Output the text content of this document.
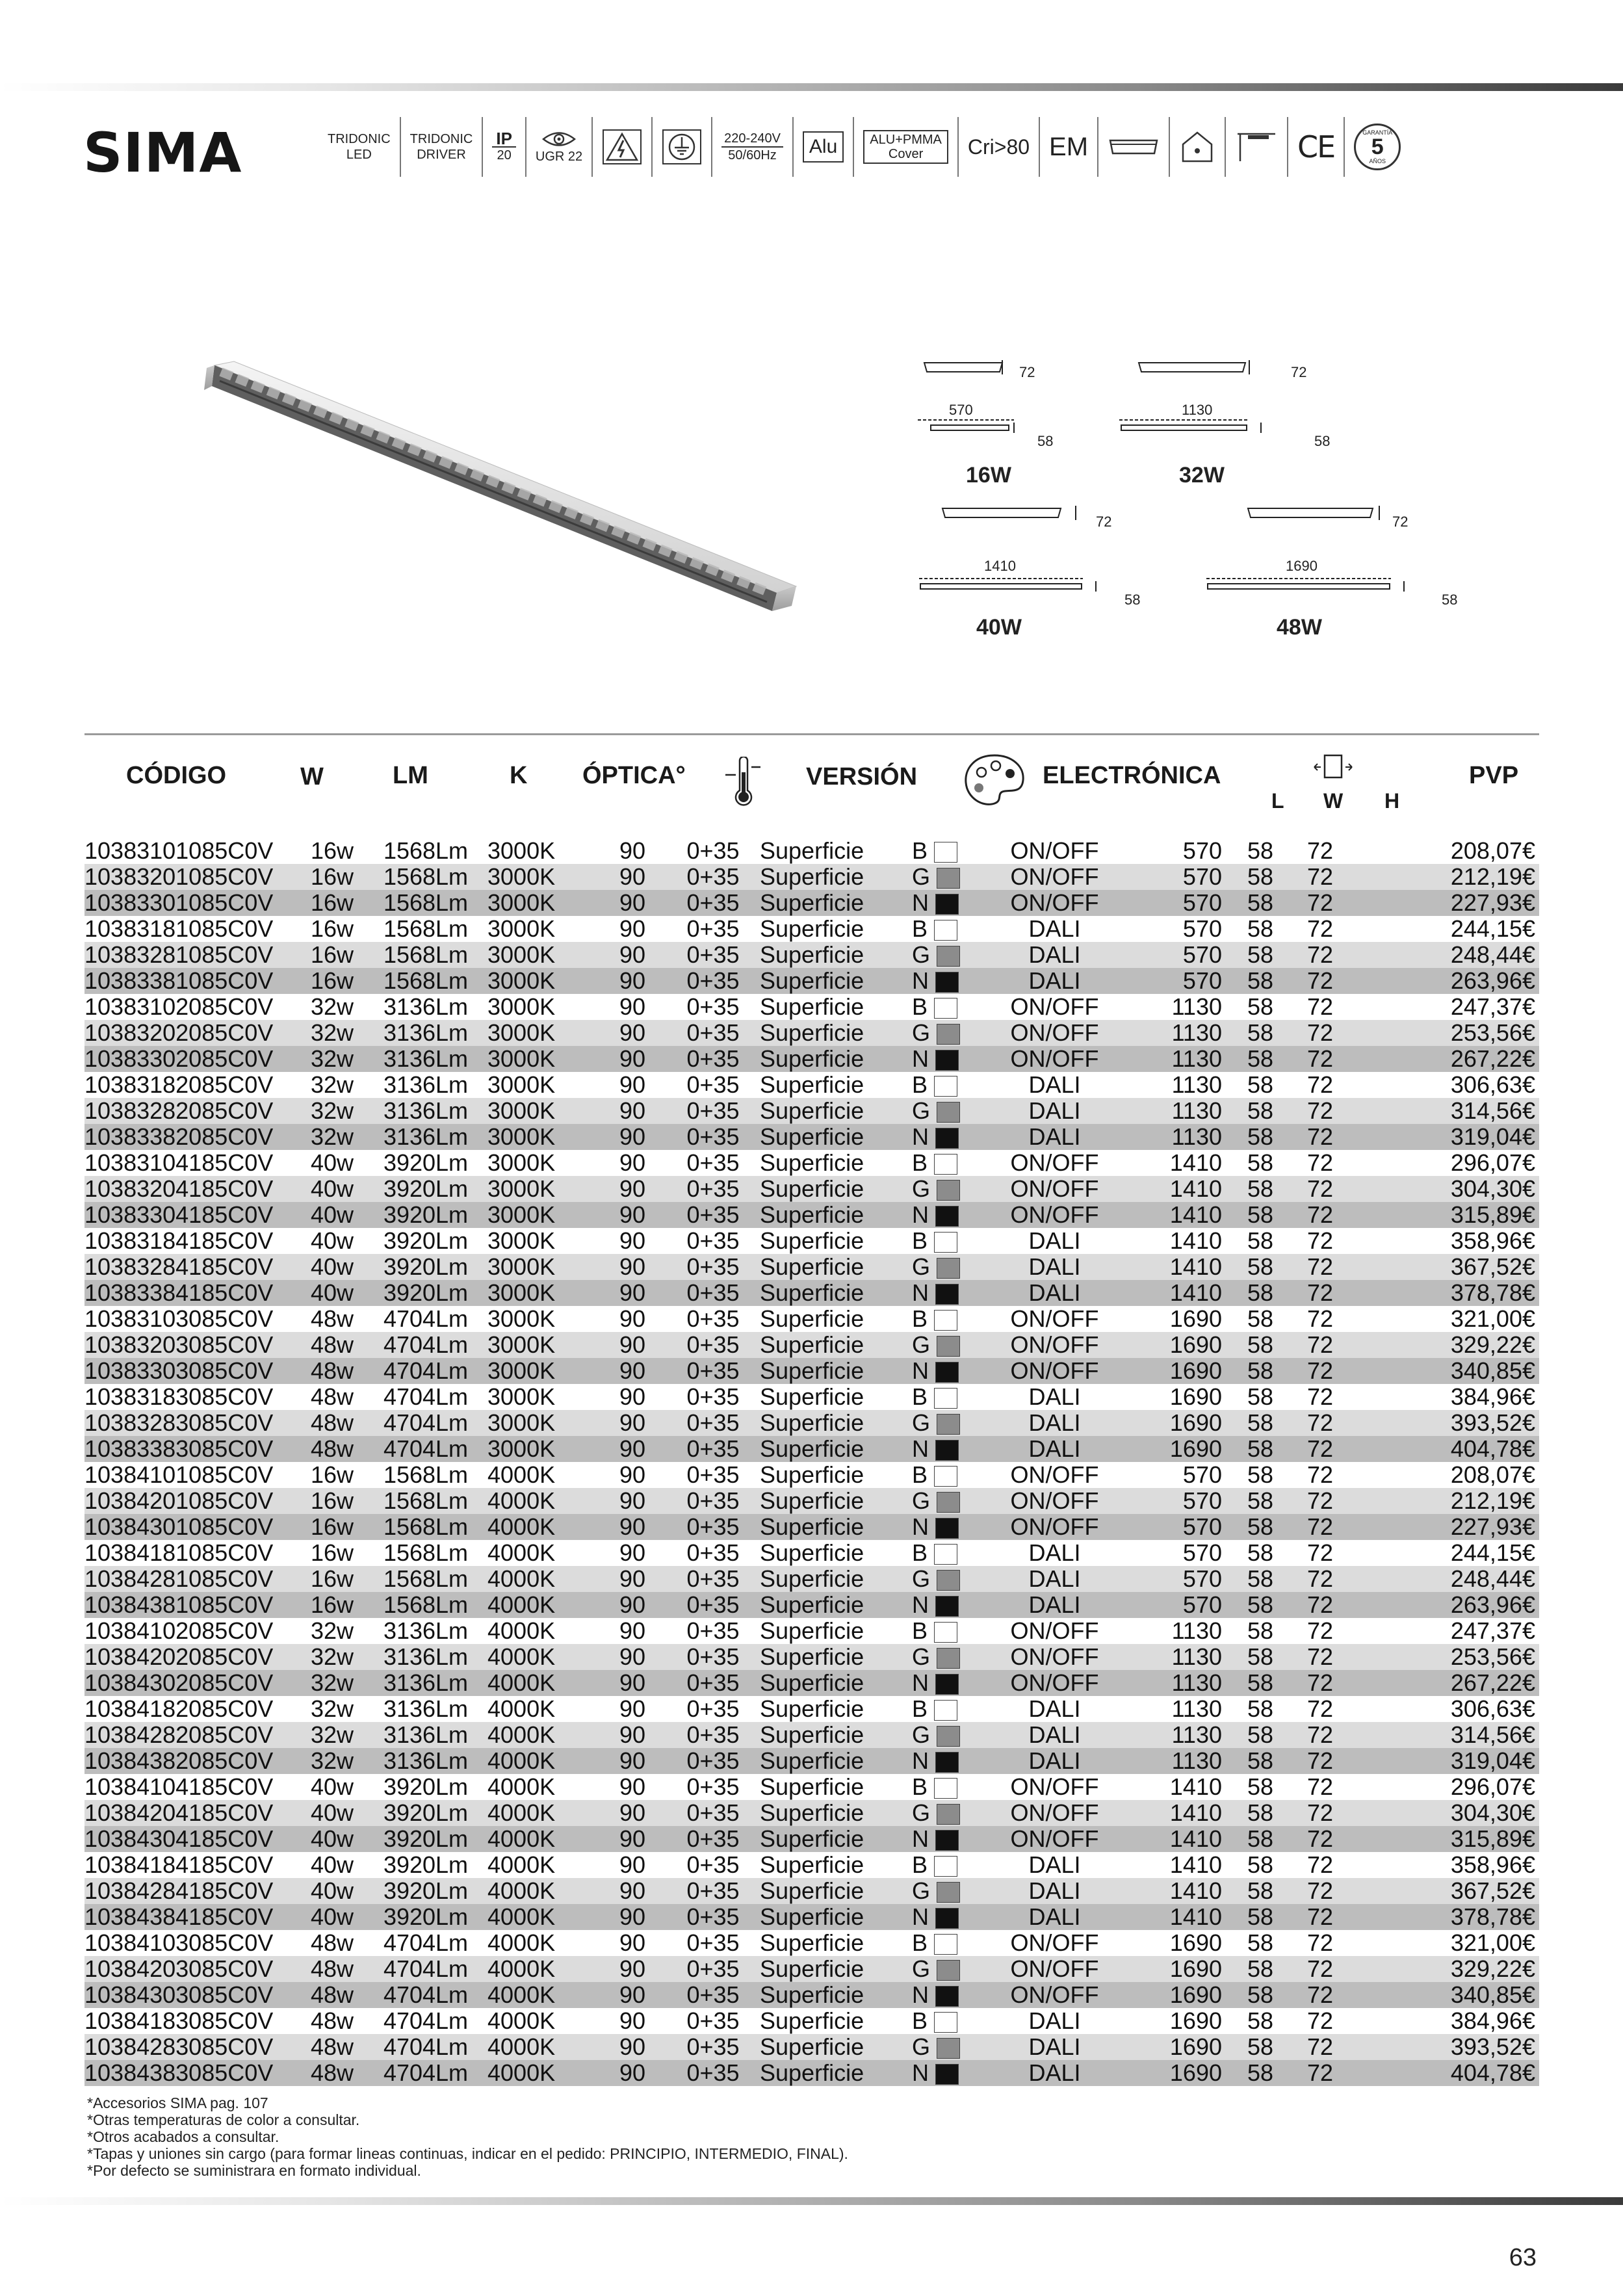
SIMA	TRIDONIC
LED
TRIDONIC
DRIVER
IP
20 UGR 22
220-240V
50/60Hz	Alu	ALU+PMMA
Cover	Cri>80 EM	CE	GARANTÍA
5
AÑOS
72
570
58
16W
72
1130
58
32W
72
1410
58
40W
72
1690
58
48W
CÓDIGO	W	LM	K ÓPTICA°	VERSIÓN	ELECTRÓNICA
L W H
PVP
10383101085C0V	16w	1568Lm	3000K	90	0+35	Superficie	B	ON/OFF	570	58	72	208,07€
10383201085C0V	16w	1568Lm	3000K	90	0+35	Superficie	G	ON/OFF	570	58	72	212,19€
10383301085C0V	16w	1568Lm	3000K	90	0+35	Superficie	N	ON/OFF	570	58	72	227,93€
10383181085C0V	16w	1568Lm	3000K	90	0+35	Superficie	B	DALI	570	58	72	244,15€
10383281085C0V	16w	1568Lm	3000K	90	0+35	Superficie	G	DALI	570	58	72	248,44€
10383381085C0V	16w	1568Lm	3000K	90	0+35	Superficie	N	DALI	570	58	72	263,96€
10383102085C0V	32w	3136Lm	3000K	90	0+35	Superficie	B	ON/OFF	1130	58	72	247,37€
10383202085C0V	32w	3136Lm	3000K	90	0+35	Superficie	G	ON/OFF	1130	58	72	253,56€
10383302085C0V	32w	3136Lm	3000K	90	0+35	Superficie	N	ON/OFF	1130	58	72	267,22€
10383182085C0V	32w	3136Lm	3000K	90	0+35	Superficie	B	DALI	1130	58	72	306,63€
10383282085C0V	32w	3136Lm	3000K	90	0+35	Superficie	G	DALI	1130	58	72	314,56€
10383382085C0V	32w	3136Lm	3000K	90	0+35	Superficie	N	DALI	1130	58	72	319,04€
10383104185C0V	40w	3920Lm	3000K	90	0+35	Superficie	B	ON/OFF	1410	58	72	296,07€
10383204185C0V	40w	3920Lm	3000K	90	0+35	Superficie	G	ON/OFF	1410	58	72	304,30€
10383304185C0V	40w	3920Lm	3000K	90	0+35	Superficie	N	ON/OFF	1410	58	72	315,89€
10383184185C0V	40w	3920Lm	3000K	90	0+35	Superficie	B	DALI	1410	58	72	358,96€
10383284185C0V	40w	3920Lm	3000K	90	0+35	Superficie	G	DALI	1410	58	72	367,52€
10383384185C0V	40w	3920Lm	3000K	90	0+35	Superficie	N	DALI	1410	58	72	378,78€
10383103085C0V	48w	4704Lm	3000K	90	0+35	Superficie	B	ON/OFF	1690	58	72	321,00€
10383203085C0V	48w	4704Lm	3000K	90	0+35	Superficie	G	ON/OFF	1690	58	72	329,22€
10383303085C0V	48w	4704Lm	3000K	90	0+35	Superficie	N	ON/OFF	1690	58	72	340,85€
10383183085C0V	48w	4704Lm	3000K	90	0+35	Superficie	B	DALI	1690	58	72	384,96€
10383283085C0V	48w	4704Lm	3000K	90	0+35	Superficie	G	DALI	1690	58	72	393,52€
10383383085C0V	48w	4704Lm	3000K	90	0+35	Superficie	N	DALI	1690	58	72	404,78€
10384101085C0V	16w	1568Lm	4000K	90	0+35	Superficie	B	ON/OFF	570	58	72	208,07€
10384201085C0V	16w	1568Lm	4000K	90	0+35	Superficie	G	ON/OFF	570	58	72	212,19€
10384301085C0V	16w	1568Lm	4000K	90	0+35	Superficie	N	ON/OFF	570	58	72	227,93€
10384181085C0V	16w	1568Lm	4000K	90	0+35	Superficie	B	DALI	570	58	72	244,15€
10384281085C0V	16w	1568Lm	4000K	90	0+35	Superficie	G	DALI	570	58	72	248,44€
10384381085C0V	16w	1568Lm	4000K	90	0+35	Superficie	N	DALI	570	58	72	263,96€
10384102085C0V	32w	3136Lm	4000K	90	0+35	Superficie	B	ON/OFF	1130	58	72	247,37€
10384202085C0V	32w	3136Lm	4000K	90	0+35	Superficie	G	ON/OFF	1130	58	72	253,56€
10384302085C0V	32w	3136Lm	4000K	90	0+35	Superficie	N	ON/OFF	1130	58	72	267,22€
10384182085C0V	32w	3136Lm	4000K	90	0+35	Superficie	B	DALI	1130	58	72	306,63€
10384282085C0V	32w	3136Lm	4000K	90	0+35	Superficie	G	DALI	1130	58	72	314,56€
10384382085C0V	32w	3136Lm	4000K	90	0+35	Superficie	N	DALI	1130	58	72	319,04€
10384104185C0V	40w	3920Lm	4000K	90	0+35	Superficie	B	ON/OFF	1410	58	72	296,07€
10384204185C0V	40w	3920Lm	4000K	90	0+35	Superficie	G	ON/OFF	1410	58	72	304,30€
10384304185C0V	40w	3920Lm	4000K	90	0+35	Superficie	N	ON/OFF	1410	58	72	315,89€
10384184185C0V	40w	3920Lm	4000K	90	0+35	Superficie	B	DALI	1410	58	72	358,96€
10384284185C0V	40w	3920Lm	4000K	90	0+35	Superficie	G	DALI	1410	58	72	367,52€
10384384185C0V	40w	3920Lm	4000K	90	0+35	Superficie	N	DALI	1410	58	72	378,78€
10384103085C0V	48w	4704Lm	4000K	90	0+35	Superficie	B	ON/OFF	1690	58	72	321,00€
10384203085C0V	48w	4704Lm	4000K	90	0+35	Superficie	G	ON/OFF	1690	58	72	329,22€
10384303085C0V	48w	4704Lm	4000K	90	0+35	Superficie	N	ON/OFF	1690	58	72	340,85€
10384183085C0V	48w	4704Lm	4000K	90	0+35	Superficie	B	DALI	1690	58	72	384,96€
10384283085C0V	48w	4704Lm	4000K	90	0+35	Superficie	G	DALI	1690	58	72	393,52€
10384383085C0V	48w	4704Lm	4000K	90	0+35	Superficie	N	DALI	1690	58	72	404,78€
*Accesorios SIMA pag. 107
*Otras temperaturas de color a consultar.
*Otros acabados a consultar.
*Tapas y uniones sin cargo (para formar lineas continuas, indicar en el pedido: PRINCIPIO, INTERMEDIO, FINAL).
*Por defecto se suministrara en formato individual.
63
